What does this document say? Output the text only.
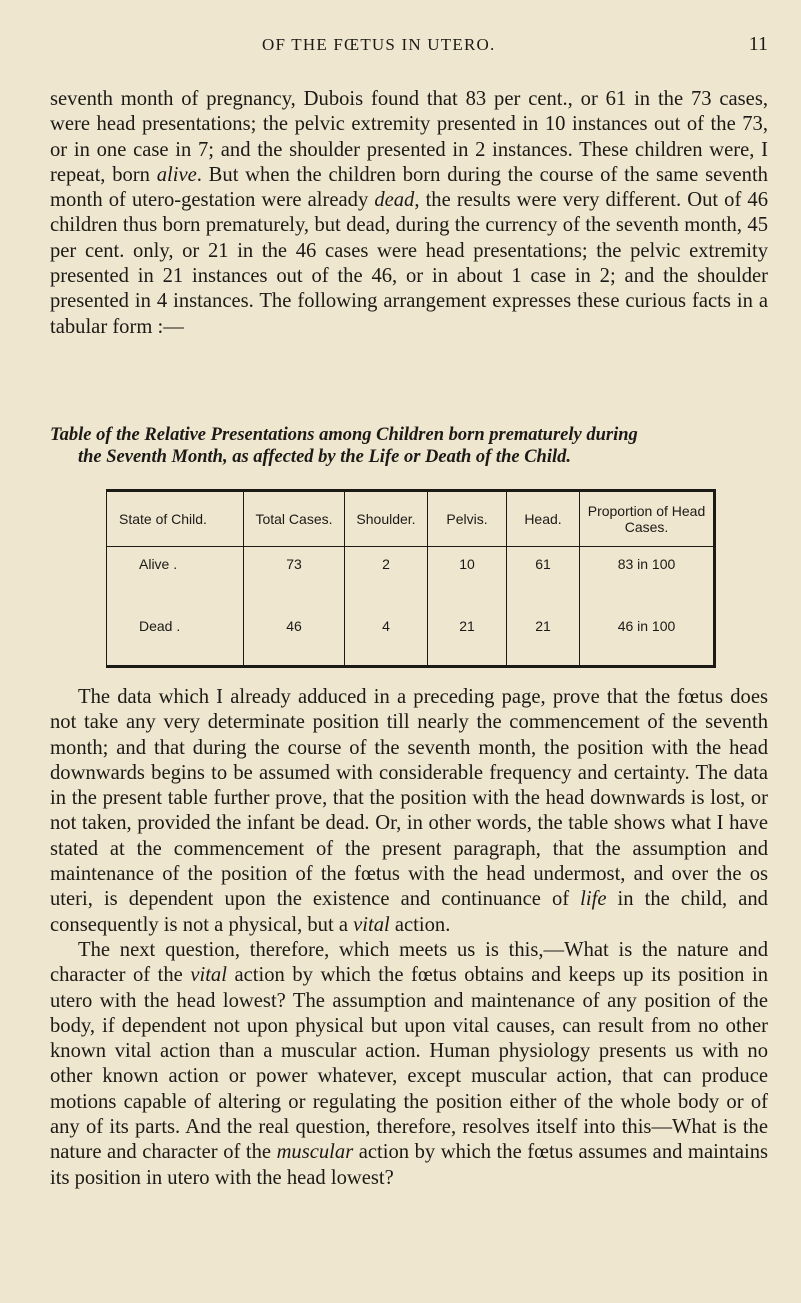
OF THE FŒTUS IN UTERO.	11

seventh month of pregnancy, Dubois found that 83 per cent., or 61 in the 73 cases, were head presentations; the pelvic extremity presented in 10 instances out of the 73, or in one case in 7; and the shoulder presented in 2 instances. These children were, I repeat, born alive. But when the children born during the course of the same seventh month of utero-gestation were already dead, the results were very different. Out of 46 children thus born prematurely, but dead, during the currency of the seventh month, 45 per cent. only, or 21 in the 46 cases were head presentations; the pelvic extremity presented in 21 instances out of the 46, or in about 1 case in 2; and the shoulder presented in 4 instances. The following arrangement expresses these curious facts in a tabular form :—

Table of the Relative Presentations among Children born prematurely during
the Seventh Month, as affected by the Life or Death of the Child.
State of Child.	Total Cases.	Shoulder.	Pelvis.	Head.	Proportion of Head Cases.
Alive .	73	2	10	61	83 in 100
Dead .	46	4	21	21	46 in 100

The data which I already adduced in a preceding page, prove that the fœtus does not take any very determinate position till nearly the commencement of the seventh month; and that during the course of the seventh month, the position with the head downwards begins to be assumed with considerable frequency and certainty. The data in the present table further prove, that the position with the head downwards is lost, or not taken, provided the infant be dead. Or, in other words, the table shows what I have stated at the commencement of the present paragraph, that the assumption and maintenance of the position of the fœtus with the head undermost, and over the os uteri, is dependent upon the existence and continuance of life in the child, and consequently is not a physical, but a vital action.

The next question, therefore, which meets us is this,—What is the nature and character of the vital action by which the fœtus obtains and keeps up its position in utero with the head lowest? The assumption and maintenance of any position of the body, if dependent not upon physical but upon vital causes, can result from no other known vital action than a muscular action. Human physiology presents us with no other known action or power whatever, except muscular action, that can produce motions capable of altering or regulating the position either of the whole body or of any of its parts. And the real question, therefore, resolves itself into this—What is the nature and character of the muscular action by which the fœtus assumes and maintains its position in utero with the head lowest?
